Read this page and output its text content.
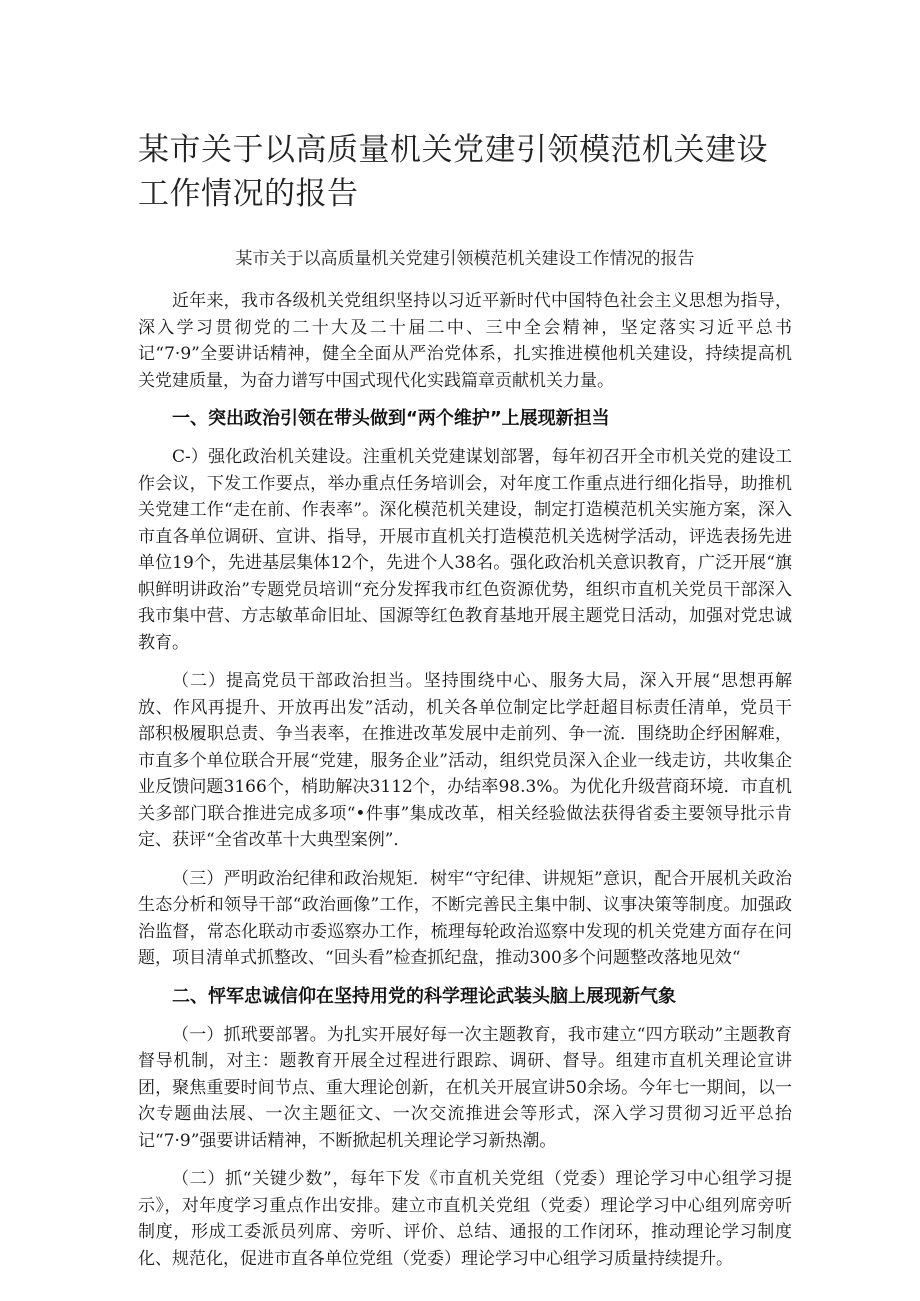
某市关于以高质量机关党建引领模范机关建设工作情况的报告
某市关于以高质量机关党建引领模范机关建设工作情况的报告

近年来，我市各级机关党组织坚持以习近平新时代中国特色社会主义思想为指导，深入学习贯彻党的二十大及二十届二中、三中全会精神，坚定落实习近平总书记“7·9”全要讲话精神，健全全面从严治党体系，扎实推进模他机关建设，持续提高机关党建质量，为奋力谱写中国式现代化实践篇章贡献机关力量。

一、突出政治引领在带头做到“两个维护”上展现新担当

C-）强化政治机关建设。注重机关党建谋划部署，每年初召开全市机关党的建设工作会议，下发工作要点，举办重点任务培训会，对年度工作重点进行细化指导，助推机关党建工作“走在前、作表率”。深化模范机关建设，制定打造模范机关实施方案，深入市直各单位调研、宣讲、指导，开展市直机关打造模范机关选树学活动，评选表扬先进单位19个，先进基层集体12个，先进个人38名。强化政治机关意识教育，广泛开展“旗帜鲜明讲政治”专题党员培训“充分发挥我市红色资源优势，组织市直机关党员干部深入我市集中营、方志敏革命旧址、国源等红色教育基地开展主题党日活动，加强对党忠诚教育。

（二）提高党员干部政治担当。坚持围绕中心、服务大局，深入开展“思想再解放、作风再提升、开放再出发”活动，机关各单位制定比学赶超目标责任清单，党员干部积极履职总责、争当表率，在推进改革发展中走前列、争一流．围绕助企纾困解难，市直多个单位联合开展“党建，服务企业”活动，组织党员深入企业一线走访，共收集企业反馈问题3166个，梢助解决3112个，办结率98.3%。为优化升级营商环境．市直机关多部门联合推进完成多项“•件事”集成改革，相关经验做法获得省委主要领导批示肯定、获评“全省改革十大典型案例”．

（三）严明政治纪律和政治规矩．树牢“守纪律、讲规矩”意识，配合开展机关政治生态分析和领导干部“政治画像”工作，不断完善民主集中制、议事决策等制度。加强政治监督，常态化联动市委巡察办工作，梳理每轮政治巡察中发现的机关党建方面存在问题，项目清单式抓整改、“回头看”检查抓纪盘，推动300多个问题整改落地见效“

二、怦军忠诚信仰在坚持用党的科学理论武装头脑上展现新气象

（一）抓玳要部署。为扎实开展好每一次主题教育，我市建立“四方联动”主题教育督导机制，对主：题教育开展全过程进行跟踪、调研、督导。组建市直机关理论宣讲团，聚焦重要时间节点、重大理论创新，在机关开展宣讲50余场。今年七一期间，以一次专题曲法展、一次主题征文、一次交流推进会等形式，深入学习贯彻习近平总抬记“7·9”强要讲话精神，不断掀起机关理论学习新热潮。

（二）抓“关键少数”，每年下发《市直机关党组（党委）理论学习中心组学习提示》，对年度学习重点作出安排。建立市直机关党组（党委）理论学习中心组列席旁听制度，形成工委派员列席、旁听、评价、总结、通报的工作闭环，推动理论学习制度化、规范化，促进市直各单位党组（党委）理论学习中心组学习质量持续提升。
